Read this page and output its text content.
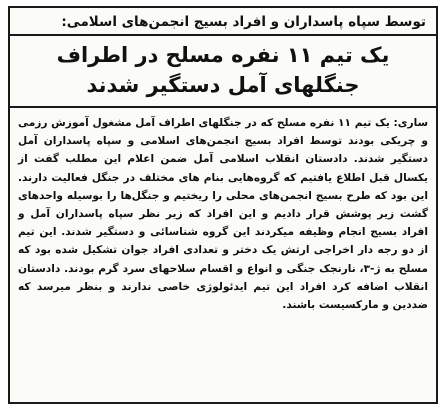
توسط سپاه پاسداران و افراد بسیج انجمن‌های اسلامی:
یک تیم ۱۱ نفره مسلح در اطراف جنگلهای آمل دستگیر شدند

ساری: یک تیم ۱۱ نفره مسلح که در جنگلهای اطراف آمل مشغول آموزش رزمی و چریکی بودند توسط افراد بسیج انجمن‌های اسلامی و سپاه پاسداران آمل دستگیر شدند. دادستان انقلاب اسلامی آمل ضمن اعلام این مطلب گفت از یکسال قبل اطلاع یافتیم که گروه‌هایی بنام های مختلف در جنگل فعالیت دارند. این بود که طرح بسیج انجمن‌های محلی را ریختیم و جنگل‌ها را بوسیله واحدهای گشت زیر پوشش قرار دادیم و این افراد که زیر نظر سپاه پاسداران آمل و افراد بسیج انجام وظیفه میکردند این گروه شناسائی و دستگیر شدند. این تیم از دو رجه دار اخراجی ارتش یک دختر و تعدادی افراد جوان تشکیل شده بود که مسلح به ژ-۳، نارنجک جنگی و انواع و اقسام سلاحهای سرد گرم بودند. دادستان انقلاب اضافه کرد افراد این تیم ایدئولوژی خاصی ندارند و بنظر میرسد که ضددین و مارکسیست باشند.
